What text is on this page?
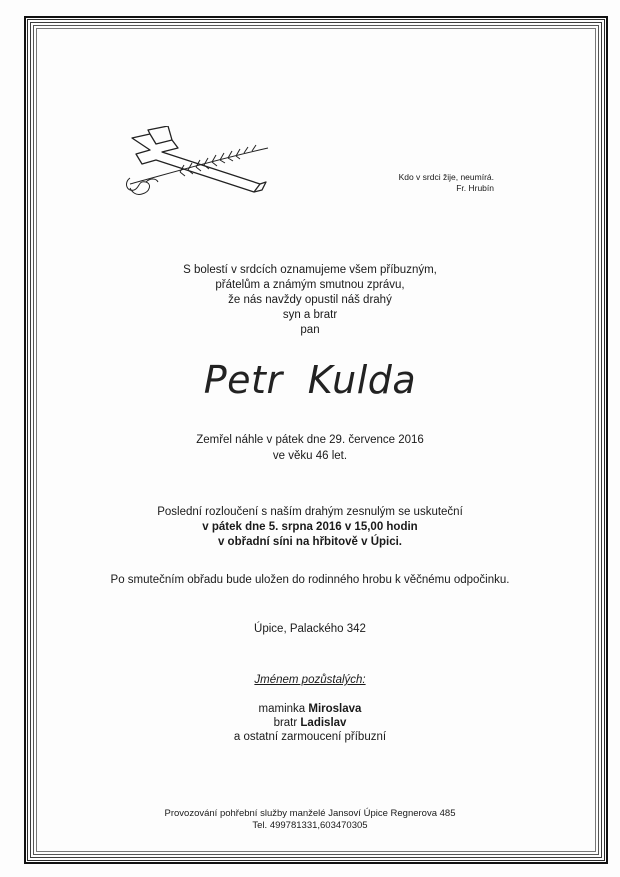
Kdo v srdci žije, neumírá.
Fr. Hrubín
S bolestí v srdcích oznamujeme všem příbuzným,
přátelům a známým smutnou zprávu,
že nás navždy opustil náš drahý
syn a bratr
pan
Petr Kulda
Zemřel náhle v pátek dne 29. července 2016
ve věku 46 let.
Poslední rozloučení s naším drahým zesnulým se uskuteční
v pátek dne 5. srpna 2016 v 15,00 hodin
v obřadní síni na hřbitově v Úpici.
Po smutečním obřadu bude uložen do rodinného hrobu k věčnému odpočinku.
Úpice, Palackého 342
Jménem pozůstalých:
maminka Miroslava
bratr Ladislav
a ostatní zarmoucení příbuzní
Provozování pohřební služby manželé Jansoví Úpice Regnerova 485
Tel. 499781331,603470305
